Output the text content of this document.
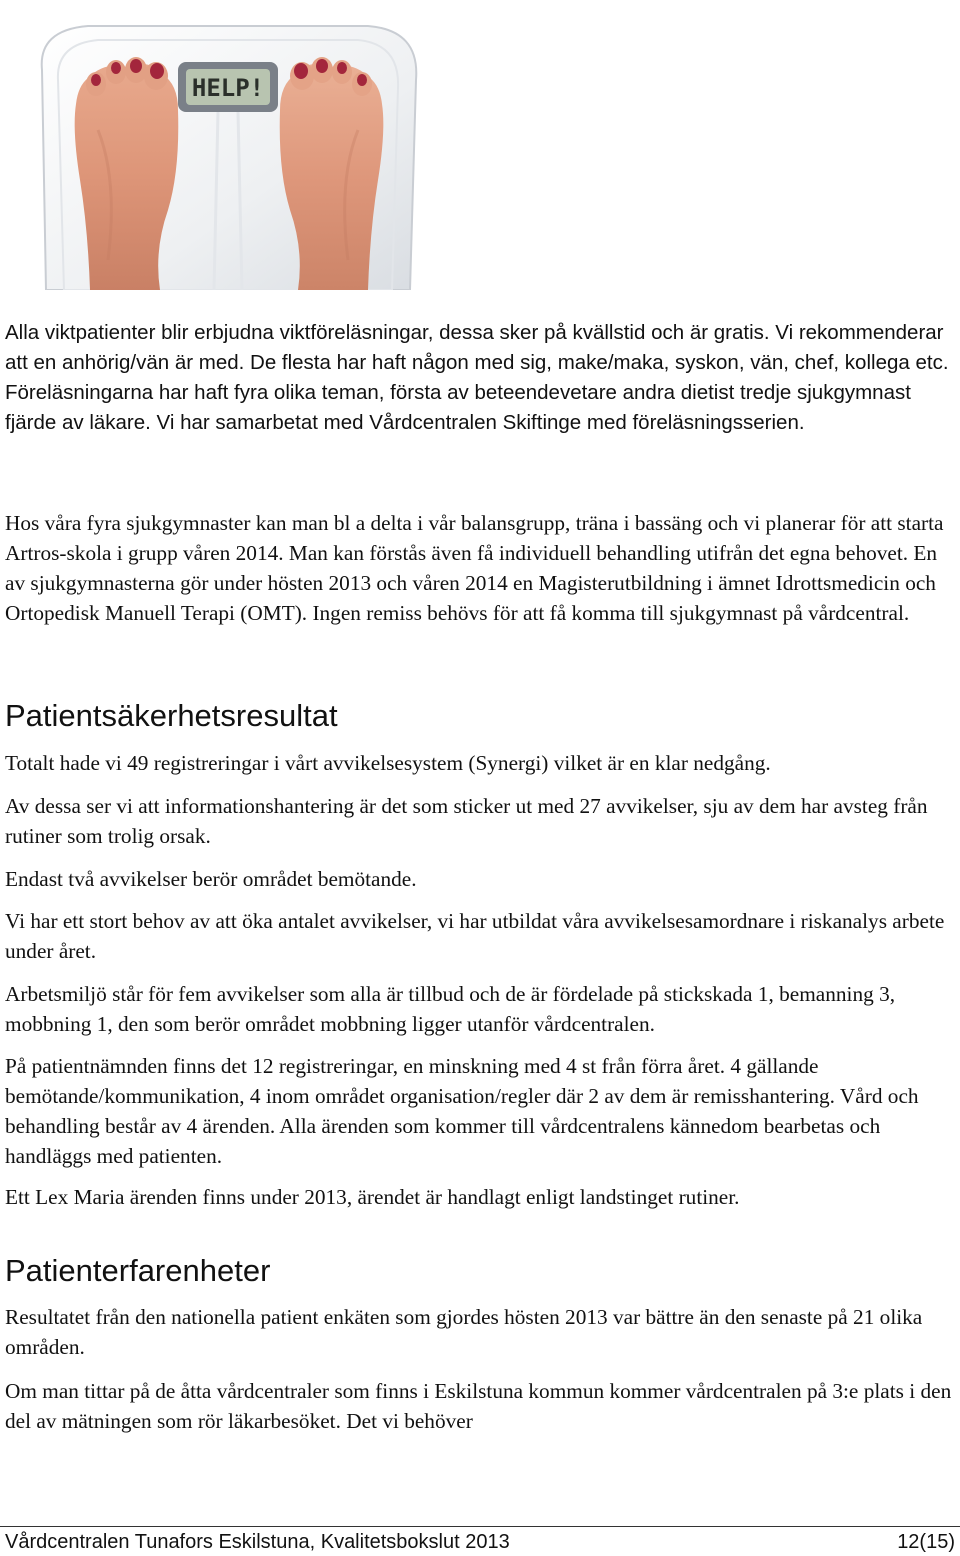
HELP!

Alla viktpatienter blir erbjudna viktföreläsningar, dessa sker på kvällstid och är gratis. Vi rekommenderar att en anhörig/vän är med. De flesta har haft någon med sig, make/maka, syskon, vän, chef, kollega etc. Föreläsningarna har haft fyra olika teman, första av beteendevetare andra dietist tredje sjukgymnast fjärde av läkare. Vi har samarbetat med Vårdcentralen Skiftinge med föreläsningsserien.

Hos våra fyra sjukgymnaster kan man bl a delta i vår balansgrupp, träna i bassäng och vi planerar för att starta Artros-skola i grupp våren 2014. Man kan förstås även få individuell behandling utifrån det egna behovet. En av sjukgymnasterna gör under hösten 2013 och våren 2014 en Magisterutbildning i ämnet Idrottsmedicin och Ortopedisk Manuell Terapi (OMT). Ingen remiss behövs för att få komma till sjukgymnast på vårdcentral.

Patientsäkerhetsresultat

Totalt hade vi 49 registreringar i vårt avvikelsesystem (Synergi) vilket är en klar nedgång.

Av dessa ser vi att informationshantering är det som sticker ut med 27 avvikelser, sju av dem har avsteg från rutiner som trolig orsak.

Endast två avvikelser berör området bemötande.

Vi har ett stort behov av att öka antalet avvikelser, vi har utbildat våra avvikelsesamordnare i riskanalys arbete under året.

Arbetsmiljö står för fem avvikelser som alla är tillbud och de är fördelade på stickskada 1, bemanning 3, mobbning 1, den som berör området mobbning ligger utanför vårdcentralen.

På patientnämnden finns det 12 registreringar, en minskning med 4 st från förra året. 4 gällande bemötande/kommunikation, 4 inom området organisation/regler där 2 av dem är remisshantering. Vård och behandling består av 4 ärenden. Alla ärenden som kommer till vårdcentralens kännedom bearbetas och handläggs med patienten.

Ett Lex Maria ärenden finns under 2013, ärendet är handlagt enligt landstinget rutiner.

Patienterfarenheter

Resultatet från den nationella patient enkäten som gjordes hösten 2013 var bättre än den senaste på 21 olika områden.

Om man tittar på de åtta vårdcentraler som finns i Eskilstuna kommun kommer vårdcentralen på 3:e plats i den del av mätningen som rör läkarbesöket. Det vi behöver

Vårdcentralen Tunafors Eskilstuna, Kvalitetsbokslut 2013	12(15)
